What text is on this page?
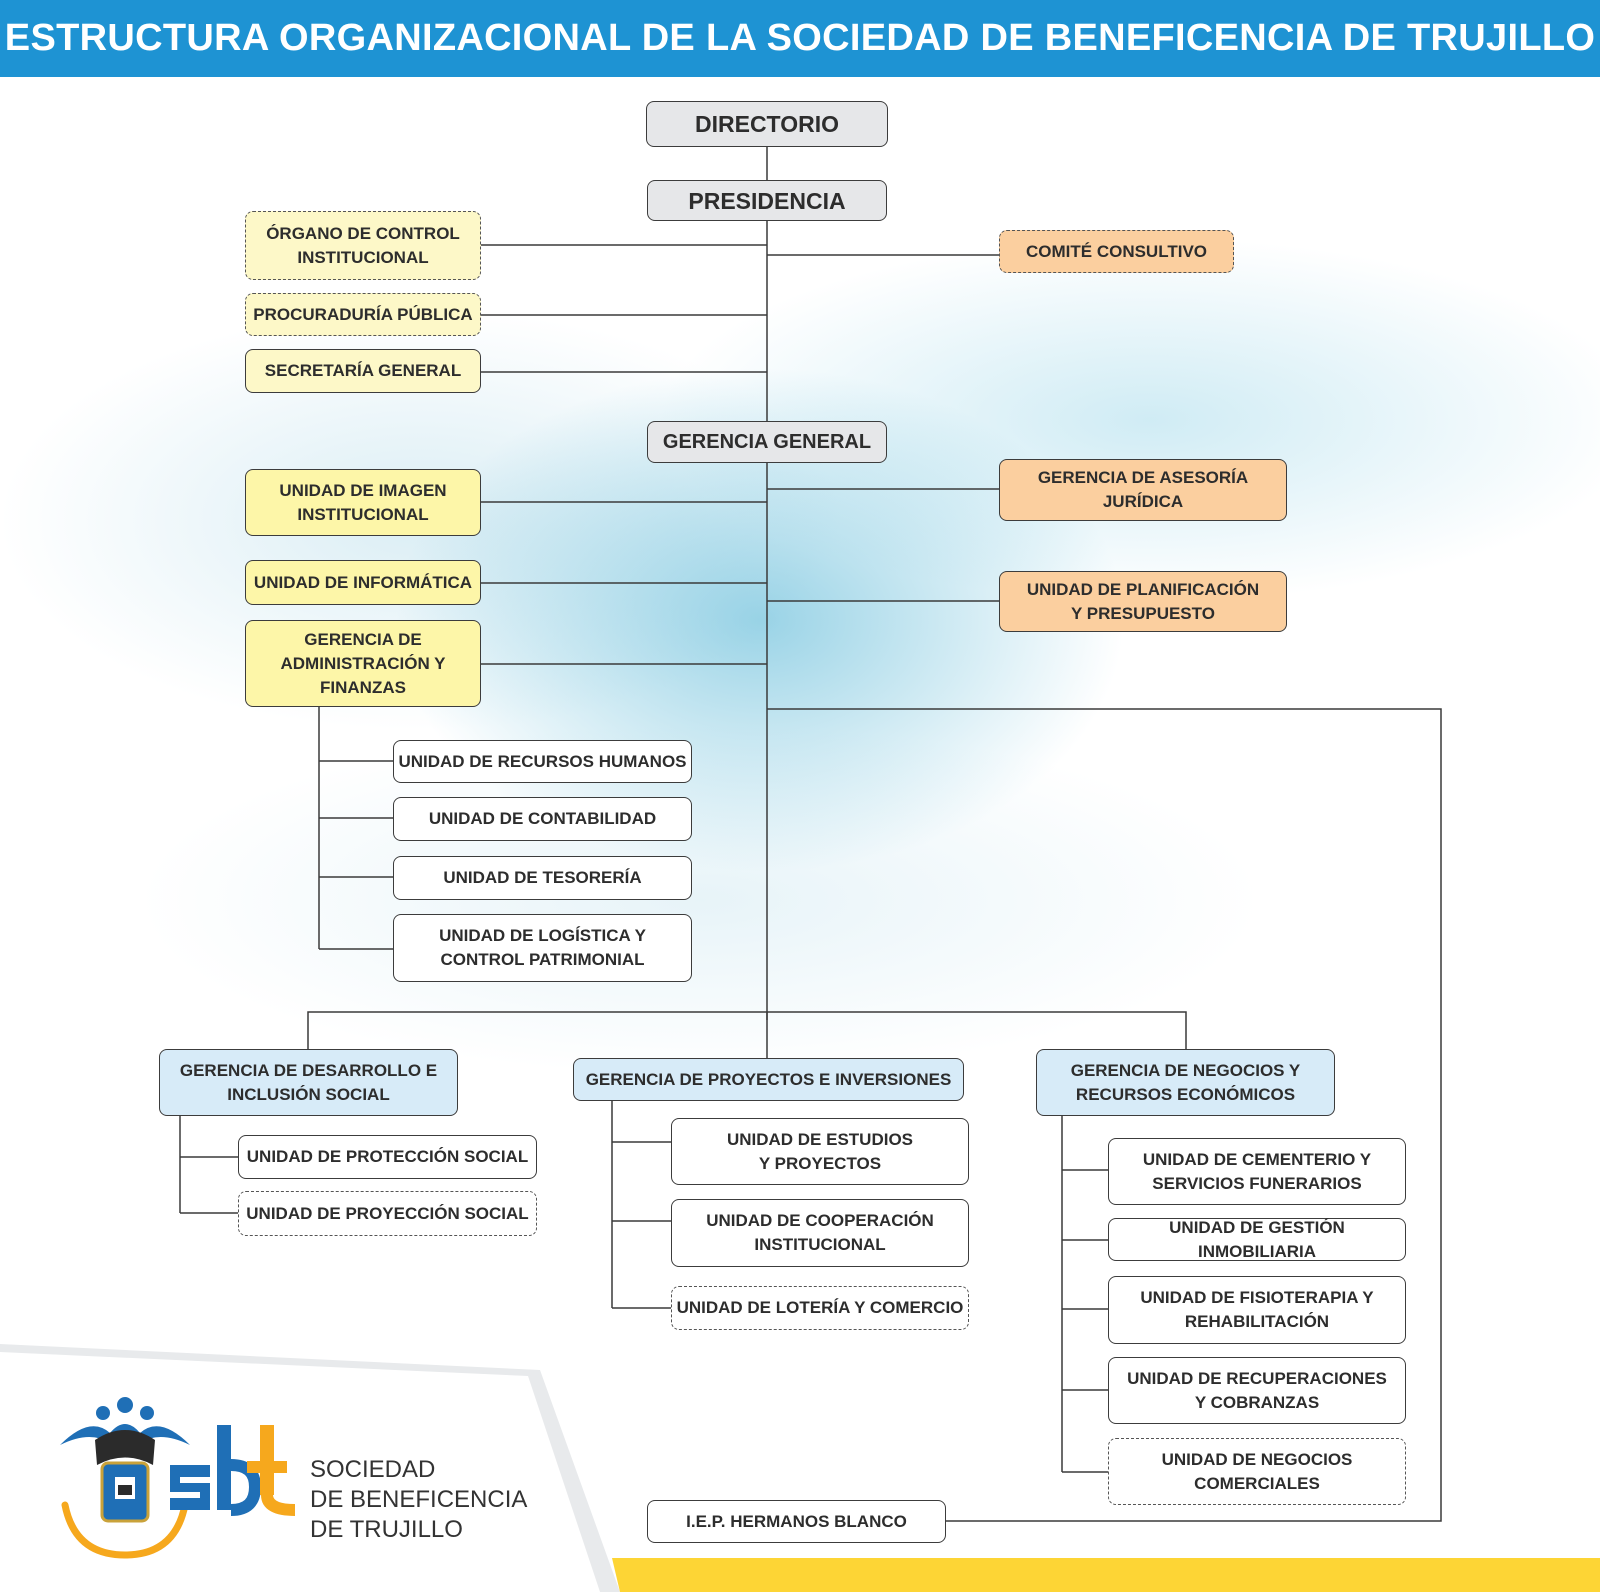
ESTRUCTURA ORGANIZACIONAL DE LA SOCIEDAD DE BENEFICENCIA DE TRUJILLO
DIRECTORIO
PRESIDENCIA
ÓRGANO DE CONTROL
INSTITUCIONAL
PROCURADURÍA PÚBLICA
SECRETARÍA GENERAL
COMITÉ CONSULTIVO
GERENCIA GENERAL
UNIDAD DE IMAGEN
INSTITUCIONAL
UNIDAD DE INFORMÁTICA
GERENCIA DE
ADMINISTRACIÓN Y
FINANZAS
GERENCIA DE ASESORÍA
JURÍDICA
UNIDAD DE PLANIFICACIÓN
Y PRESUPUESTO
UNIDAD DE RECURSOS HUMANOS
UNIDAD DE CONTABILIDAD
UNIDAD DE TESORERÍA
UNIDAD DE LOGÍSTICA Y
CONTROL PATRIMONIAL
GERENCIA DE DESARROLLO E
INCLUSIÓN SOCIAL
UNIDAD DE PROTECCIÓN SOCIAL
UNIDAD DE PROYECCIÓN SOCIAL
GERENCIA DE PROYECTOS E INVERSIONES
UNIDAD DE ESTUDIOS
Y PROYECTOS
UNIDAD DE COOPERACIÓN
INSTITUCIONAL
UNIDAD DE LOTERÍA Y COMERCIO
GERENCIA DE NEGOCIOS Y
RECURSOS ECONÓMICOS
UNIDAD DE CEMENTERIO Y
SERVICIOS FUNERARIOS
UNIDAD DE GESTIÓN INMOBILIARIA
UNIDAD DE FISIOTERAPIA Y
REHABILITACIÓN
UNIDAD DE RECUPERACIONES
Y COBRANZAS
UNIDAD DE NEGOCIOS
COMERCIALES
I.E.P. HERMANOS BLANCO
SOCIEDAD
DE BENEFICENCIA
DE TRUJILLO
